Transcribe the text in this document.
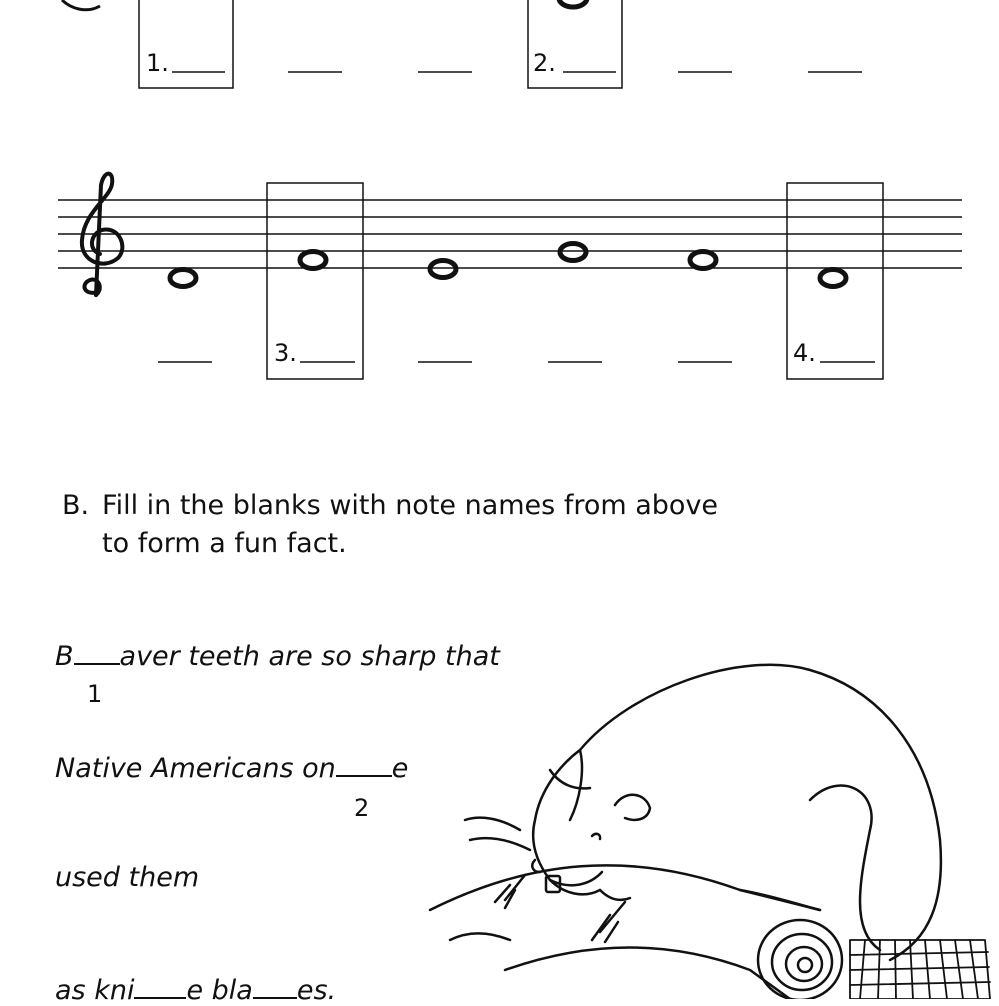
1.	2.
3.	4.
B. Fill in the blanks with note names from above
to form a fun fact.
B aver teeth are so sharp that
1
Native Americans on e
2
used them
as kni e bla es.
